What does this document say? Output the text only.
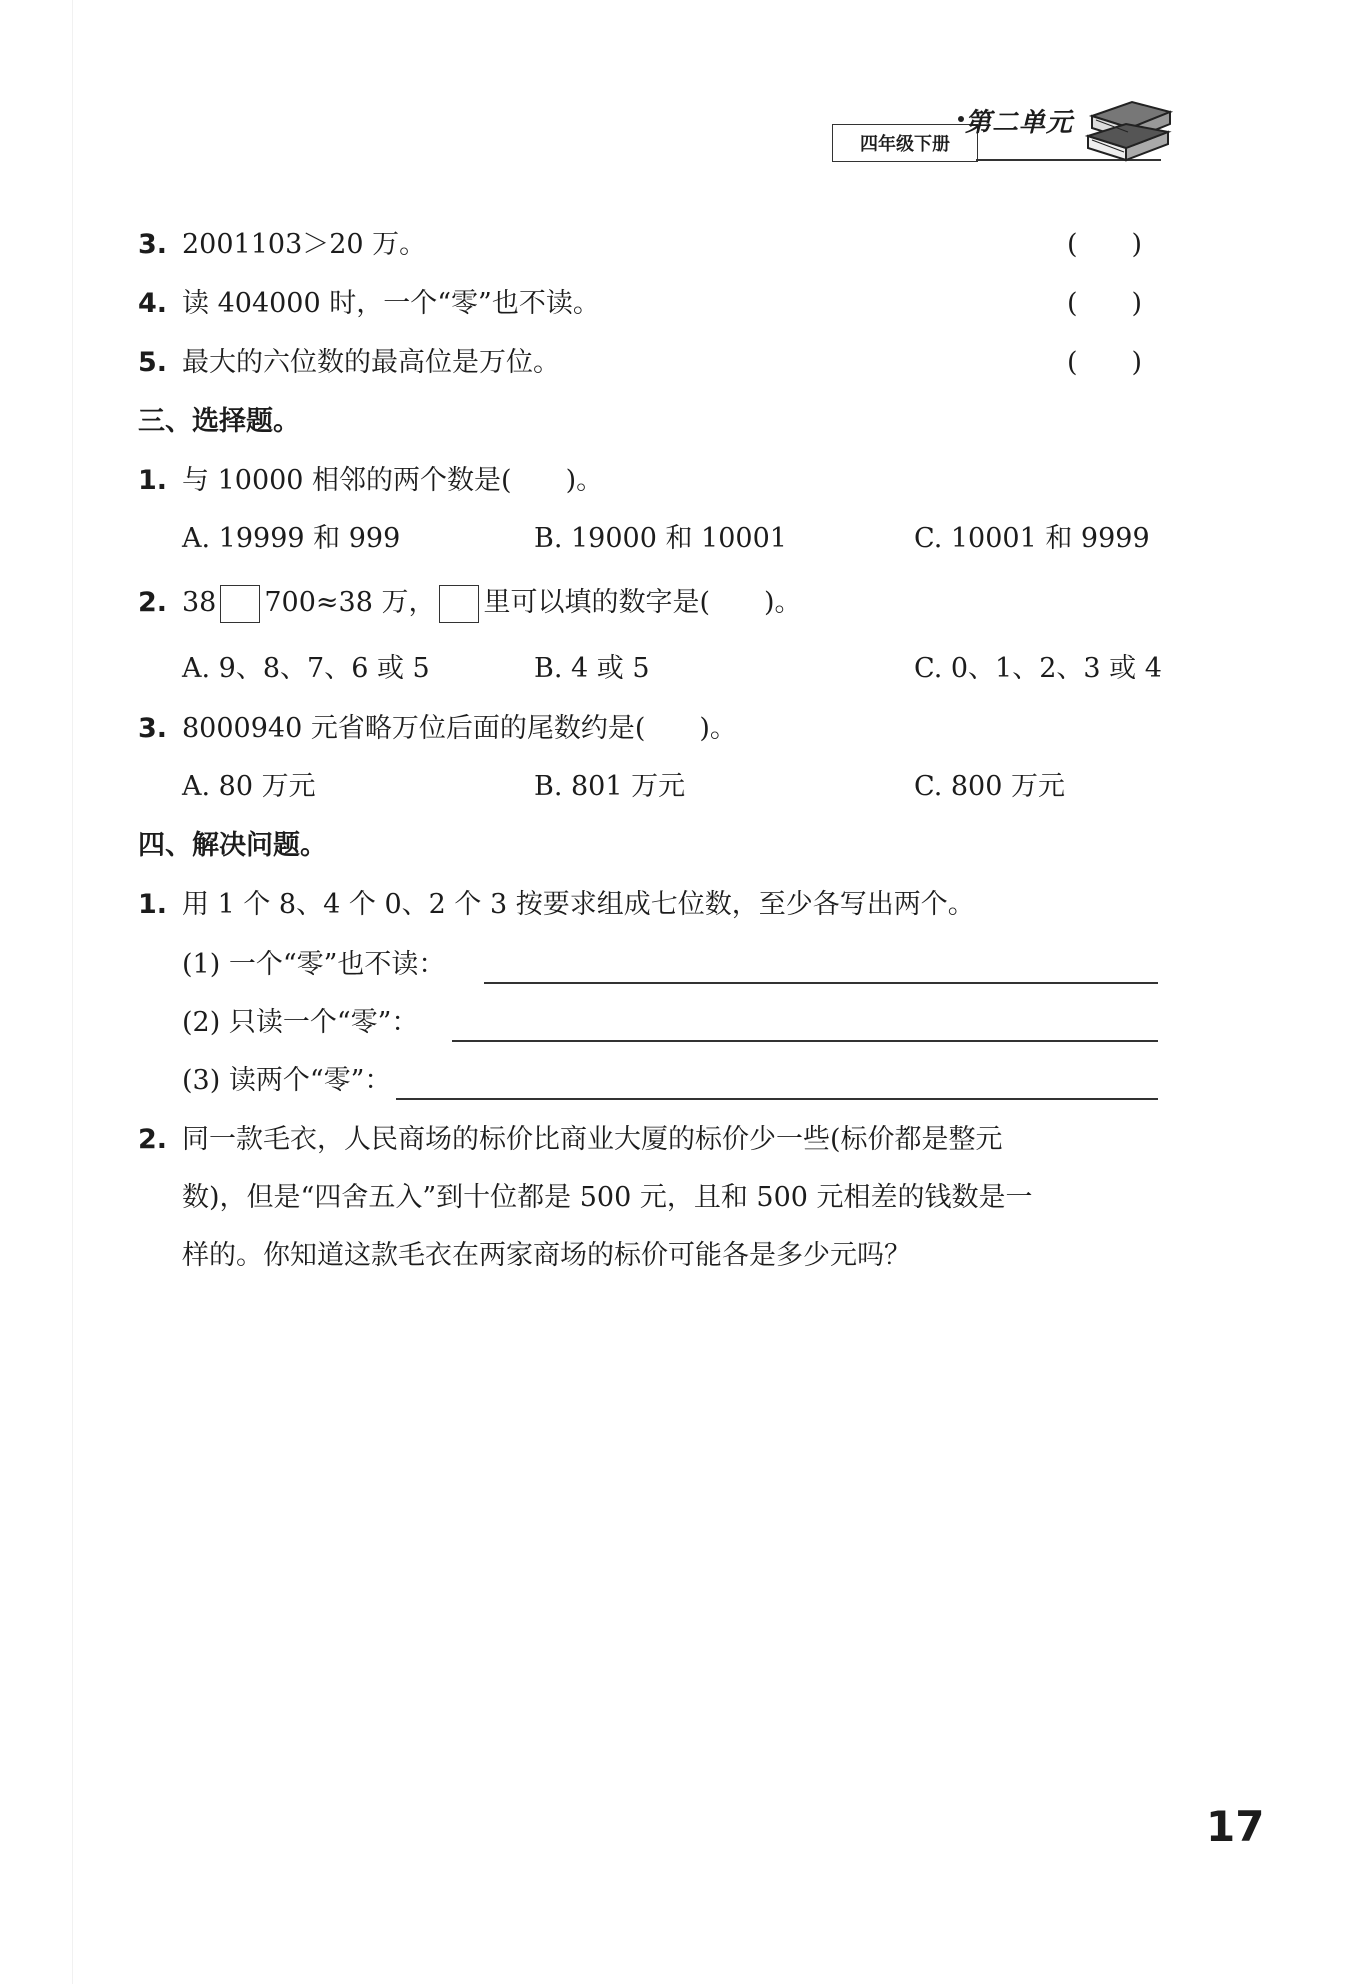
四年级下册
第二单元
3. 2001103＞20 万。	(　　)
4. 读 404000 时，一个“零”也不读。	(　　)
5. 最大的六位数的最高位是万位。	(　　)
三、选择题。
1. 与 10000 相邻的两个数是(　　)。
A. 19999 和 999	B. 19000 和 10001	C. 10001 和 9999
2. 38 700≈38 万， 里可以填的数字是(　　)。
A. 9、8、7、6 或 5	B. 4 或 5	C. 0、1、2、3 或 4
3. 8000940 元省略万位后面的尾数约是(　　)。
A. 80 万元	B. 801 万元	C. 800 万元
四、解决问题。
1. 用 1 个 8、4 个 0、2 个 3 按要求组成七位数，至少各写出两个。
(1) 一个“零”也不读：
(2) 只读一个“零”：
(3) 读两个“零”：
2. 同一款毛衣，人民商场的标价比商业大厦的标价少一些(标价都是整元
数)，但是“四舍五入”到十位都是 500 元，且和 500 元相差的钱数是一
样的。你知道这款毛衣在两家商场的标价可能各是多少元吗？
17
